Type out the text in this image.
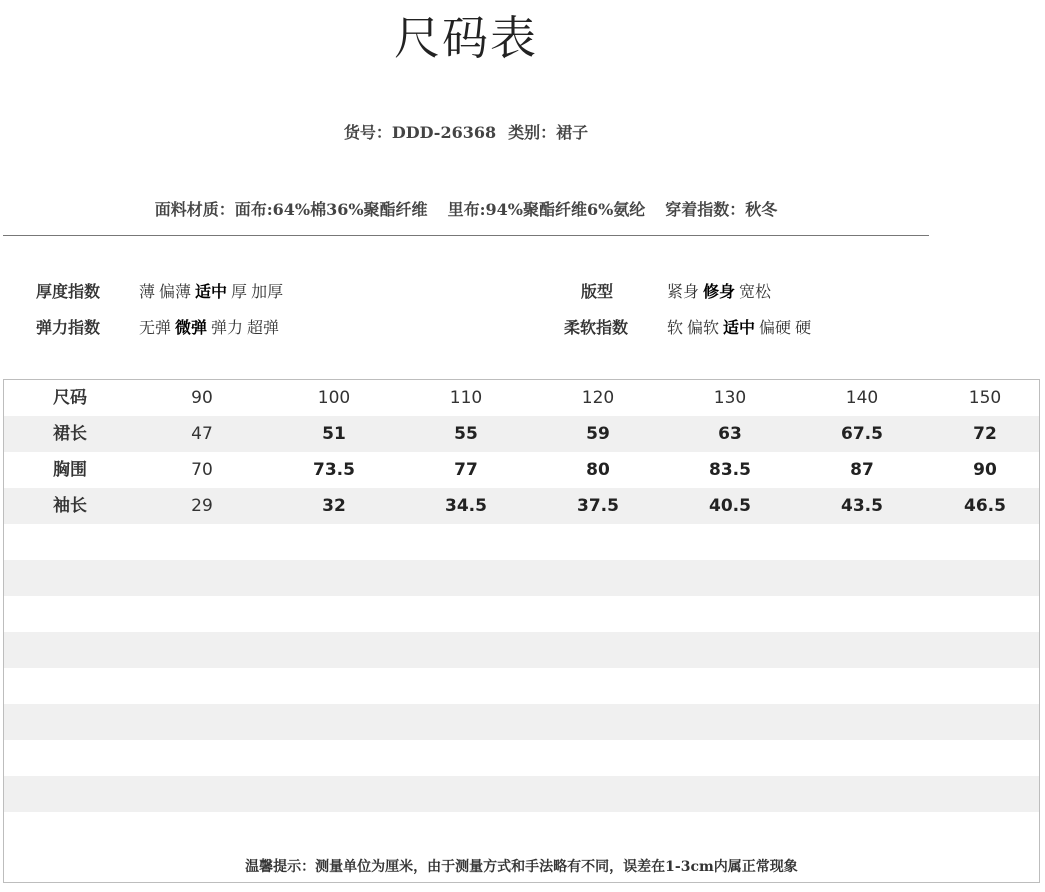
尺码表
货号：DDD-26368 类别：裙子
面料材质：面布:64%棉36%聚酯纤维 里布:94%聚酯纤维6%氨纶 穿着指数：秋冬
厚度指数 薄 偏薄 适中 厚 加厚
弹力指数 无弹 微弹 弹力 超弹
版型	紧身 修身 宽松
柔软指数 软 偏软 适中 偏硬 硬
尺码	90	100	110	120	130	140	150
裙长	47	51	55	59	63	67.5	72
胸围	70	73.5	77	80	83.5	87	90
袖长	29	32	34.5	37.5	40.5	43.5	46.5
温馨提示：测量单位为厘米，由于测量方式和手法略有不同，误差在1-3cm内属正常现象
